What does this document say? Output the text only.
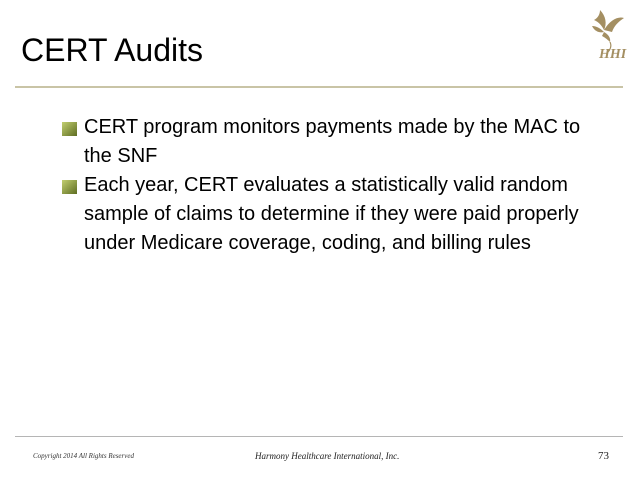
CERT Audits	HHI
CERT program monitors payments made by the MAC to the SNF
Each year, CERT evaluates a statistically valid random sample of claims to determine if they were paid properly under Medicare coverage, coding, and billing rules
Copyright 2014 All Rights Reserved	Harmony Healthcare International, Inc.	73
